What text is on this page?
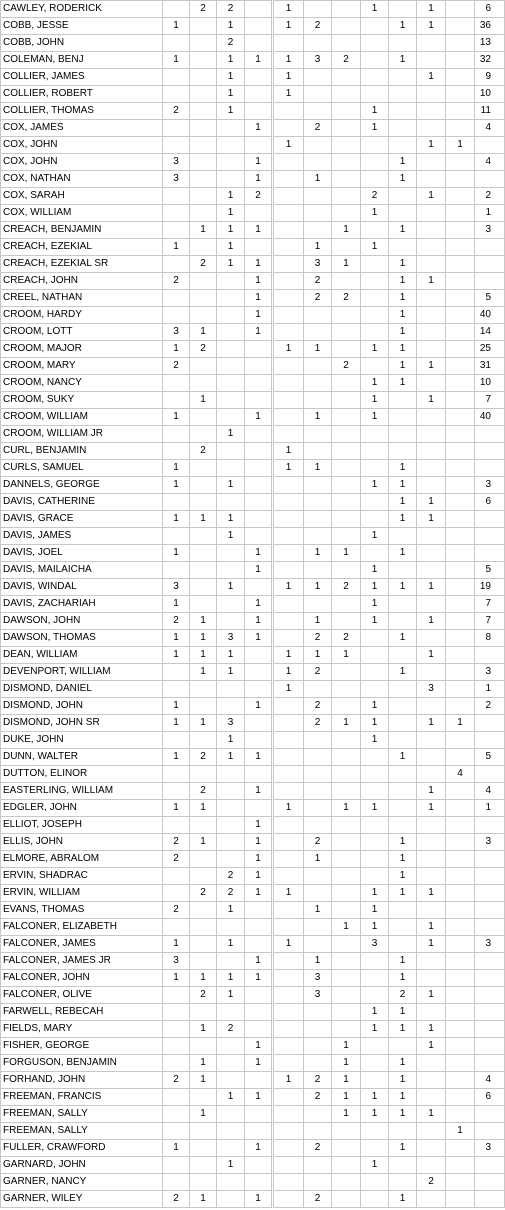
CAWLEY, RODERICK		2	2		1			1		1		6
COBB, JESSE	1		1		1	2			1	1		36
COBB, JOHN			2									13
COLEMAN, BENJ	1		1	1	1	3	2		1			32
COLLIER, JAMES			1		1					1		9
COLLIER, ROBERT			1		1							10
COLLIER, THOMAS	2		1					1				11
COX, JAMES				1		2		1				4
COX, JOHN					1					1	1	
COX, JOHN	3			1					1			4
COX, NATHAN	3			1		1			1			
COX, SARAH			1	2				2		1		2
COX, WILLIAM			1					1				1
CREACH, BENJAMIN		1	1	1			1		1			3
CREACH, EZEKIAL	1		1			1		1				
CREACH, EZEKIAL SR		2	1	1		3	1		1			
CREACH, JOHN	2			1		2			1	1		
CREEL, NATHAN				1		2	2		1			5
CROOM, HARDY				1					1			40
CROOM, LOTT	3	1		1					1			14
CROOM, MAJOR	1	2			1	1		1	1			25
CROOM, MARY	2						2		1	1		31
CROOM, NANCY								1	1			10
CROOM, SUKY		1						1		1		7
CROOM, WILLIAM	1			1		1		1				40
CROOM, WILLIAM JR			1									
CURL, BENJAMIN		2			1							
CURLS, SAMUEL	1				1	1			1			
DANNELS, GEORGE	1		1					1	1			3
DAVIS, CATHERINE									1	1		6
DAVIS, GRACE	1	1	1						1	1		
DAVIS, JAMES			1					1				
DAVIS, JOEL	1			1		1	1		1			
DAVIS, MAILAICHA				1				1				5
DAVIS, WINDAL	3		1		1	1	2	1	1	1		19
DAVIS, ZACHARIAH	1			1				1				7
DAWSON, JOHN	2	1		1		1		1		1		7
DAWSON, THOMAS	1	1	3	1		2	2		1			8
DEAN, WILLIAM	1	1	1		1	1	1			1		
DEVENPORT, WILLIAM		1	1		1	2			1			3
DISMOND, DANIEL					1					3		1
DISMOND, JOHN	1			1		2		1				2
DISMOND, JOHN SR	1	1	3			2	1	1		1	1	
DUKE, JOHN			1					1				
DUNN, WALTER	1	2	1	1					1			5
DUTTON, ELINOR											4	
EASTERLING, WILLIAM		2		1						1		4
EDGLER, JOHN	1	1			1		1	1		1		1
ELLIOT, JOSEPH				1								
ELLIS, JOHN	2	1		1		2			1			3
ELMORE, ABRALOM	2			1		1			1			
ERVIN, SHADRAC			2	1					1			
ERVIN, WILLIAM		2	2	1	1			1	1	1		
EVANS, THOMAS	2		1			1		1				
FALCONER, ELIZABETH							1	1		1		
FALCONER, JAMES	1		1		1			3		1		3
FALCONER, JAMES JR	3			1		1			1			
FALCONER, JOHN	1	1	1	1		3			1			
FALCONER, OLIVE		2	1			3			2	1		
FARWELL, REBECAH								1	1			
FIELDS, MARY		1	2					1	1	1		
FISHER, GEORGE				1			1			1		
FORGUSON, BENJAMIN		1		1			1		1			
FORHAND, JOHN	2	1			1	2	1		1			4
FREEMAN, FRANCIS			1	1		2	1	1	1			6
FREEMAN, SALLY		1					1	1	1	1		
FREEMAN, SALLY											1	
FULLER, CRAWFORD	1			1		2			1			3
GARNARD, JOHN			1					1				
GARNER, NANCY										2		
GARNER, WILEY	2	1		1		2			1			
